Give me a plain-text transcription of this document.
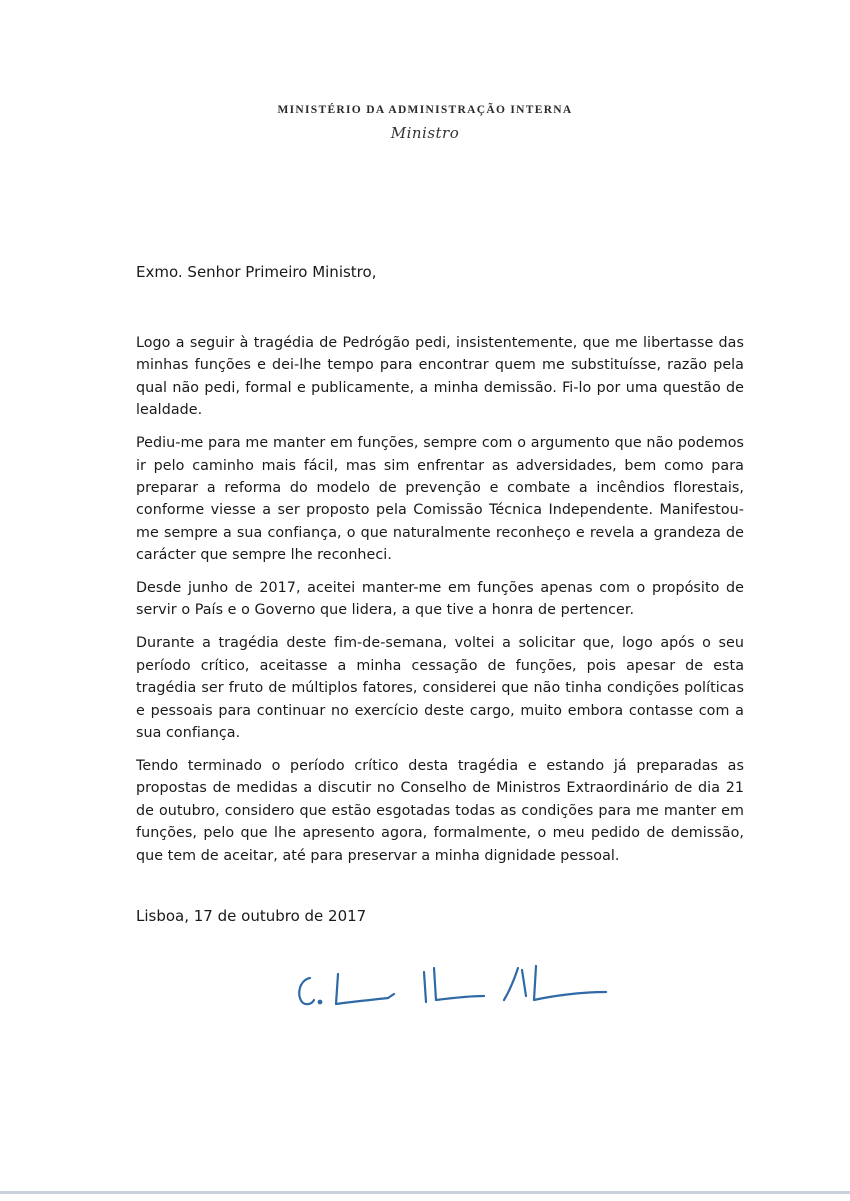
MINISTÉRIO DA ADMINISTRAÇÃO INTERNA
Ministro
Exmo. Senhor Primeiro Ministro,

Logo a seguir à tragédia de Pedrógão pedi, insistentemente, que me libertasse das minhas funções e dei-lhe tempo para encontrar quem me substituísse, razão pela qual não pedi, formal e publicamente, a minha demissão. Fi-lo por uma questão de lealdade.

Pediu-me para me manter em funções, sempre com o argumento que não podemos ir pelo caminho mais fácil, mas sim enfrentar as adversidades, bem como para preparar a reforma do modelo de prevenção e combate a incêndios florestais, conforme viesse a ser proposto pela Comissão Técnica Independente. Manifestou-me sempre a sua confiança, o que naturalmente reconheço e revela a grandeza de carácter que sempre lhe reconheci.

Desde junho de 2017, aceitei manter-me em funções apenas com o propósito de servir o País e o Governo que lidera, a que tive a honra de pertencer.

Durante a tragédia deste fim-de-semana, voltei a solicitar que, logo após o seu período crítico, aceitasse a minha cessação de funções, pois apesar de esta tragédia ser fruto de múltiplos fatores, considerei que não tinha condições políticas e pessoais para continuar no exercício deste cargo, muito embora contasse com a sua confiança.

Tendo terminado o período crítico desta tragédia e estando já preparadas as propostas de medidas a discutir no Conselho de Ministros Extraordinário de dia 21 de outubro, considero que estão esgotadas todas as condições para me manter em funções, pelo que lhe apresento agora, formalmente, o meu pedido de demissão, que tem de aceitar, até para preservar a minha dignidade pessoal.

Lisboa, 17 de outubro de 2017
